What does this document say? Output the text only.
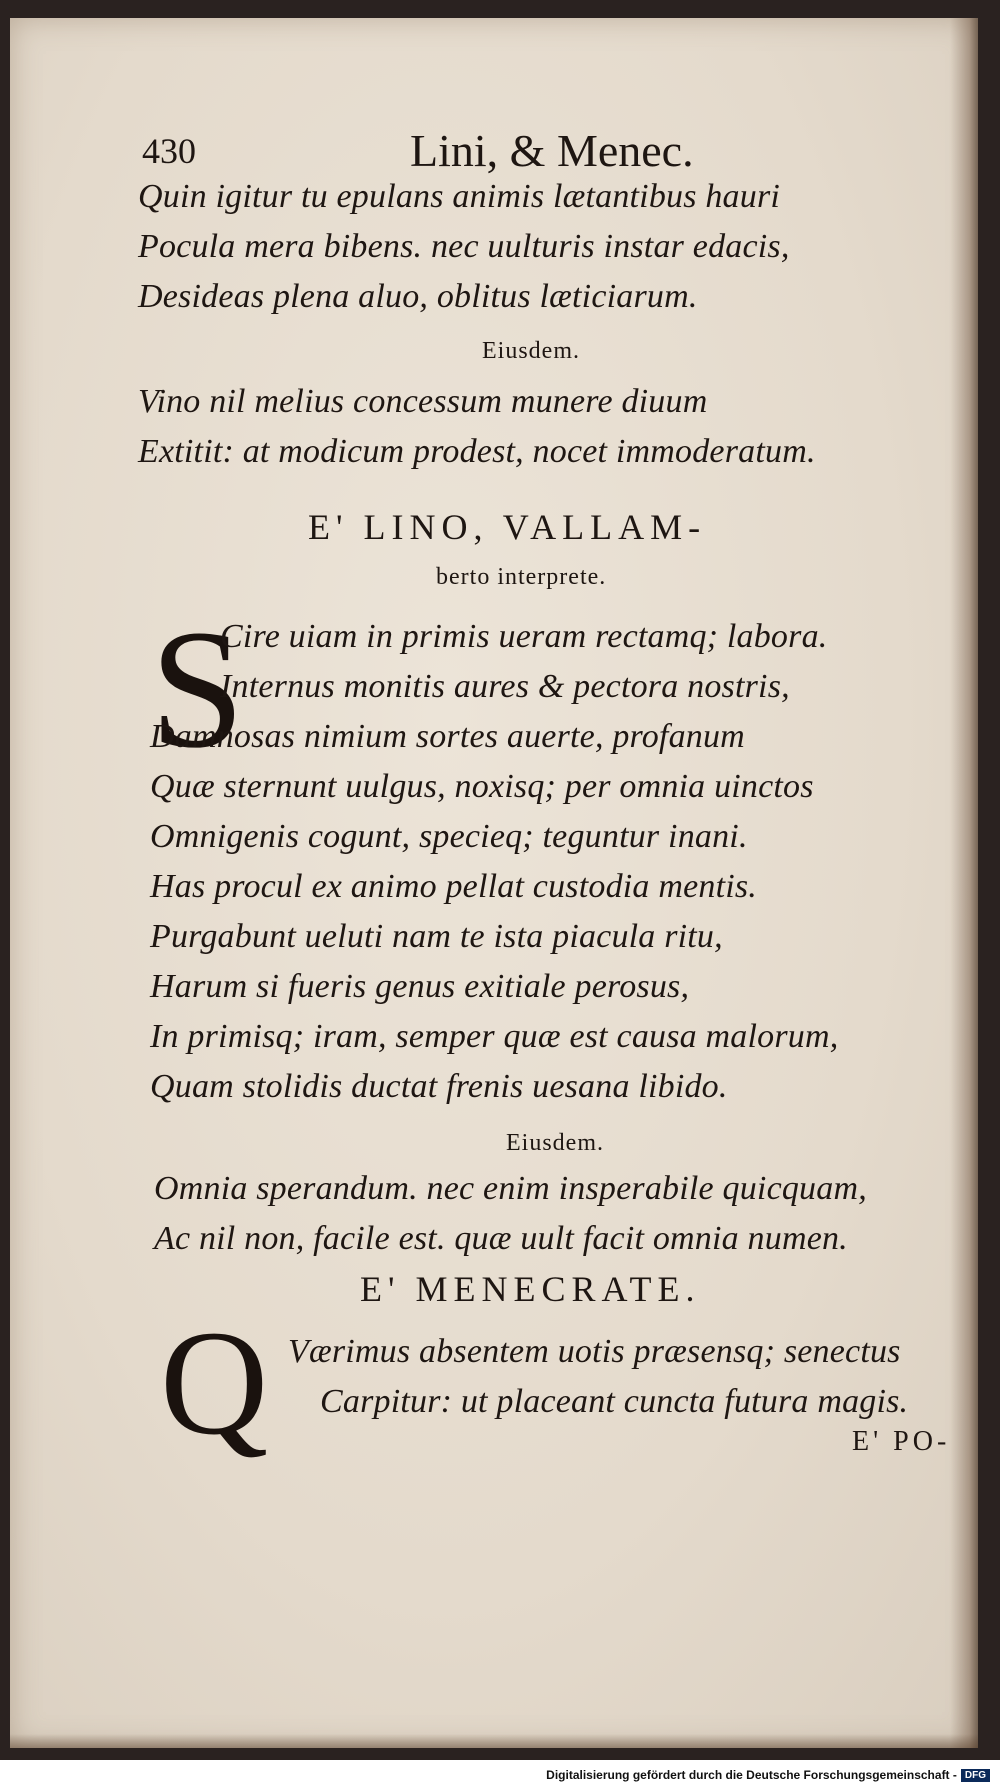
430	Lini, & Menec.
Quin igitur tu epulans animis lætantibus hauri
Pocula mera bibens. nec uulturis instar edacis,
Desideas plena aluo, oblitus læticiarum.
Eiusdem.
Vino nil melius concessum munere diuum
Extitit: at modicum prodest, nocet immoderatum.
E' LINO, VALLAM-
berto interprete.
S
Cire uiam in primis ueram rectamq; labora.
Internus monitis aures & pectora nostris,
Damnosas nimium sortes auerte, profanum
Quæ sternunt uulgus, noxisq; per omnia uinctos
Omnigenis cogunt, specieq; teguntur inani.
Has procul ex animo pellat custodia mentis.
Purgabunt ueluti nam te ista piacula ritu,
Harum si fueris genus exitiale perosus,
In primisq; iram, semper quæ est causa malorum,
Quam stolidis ductat frenis uesana libido.
Eiusdem.
Omnia sperandum. nec enim insperabile quicquam,
Ac nil non, facile est. quæ uult facit omnia numen.
E' MENECRATE.
Q Værimus absentem uotis præsensq; senectus
Carpitur: ut placeant cuncta futura magis.
E' PO-
Digitalisierung gefördert durch die Deutsche Forschungsgemeinschaft - DFG
